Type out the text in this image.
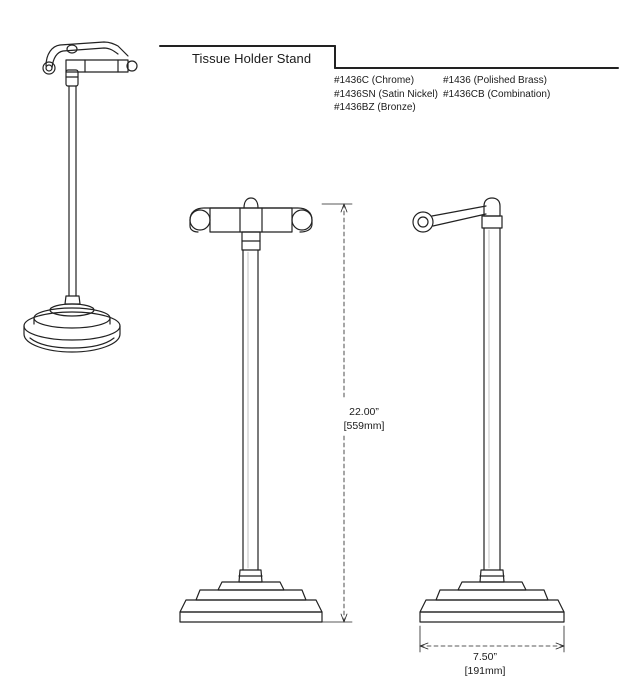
Tissue Holder Stand
#1436C (Chrome)
#1436SN (Satin Nickel)
#1436BZ (Bronze)
#1436 (Polished Brass)
#1436CB (Combination)
22.00”
[559mm]
7.50”
[191mm]
